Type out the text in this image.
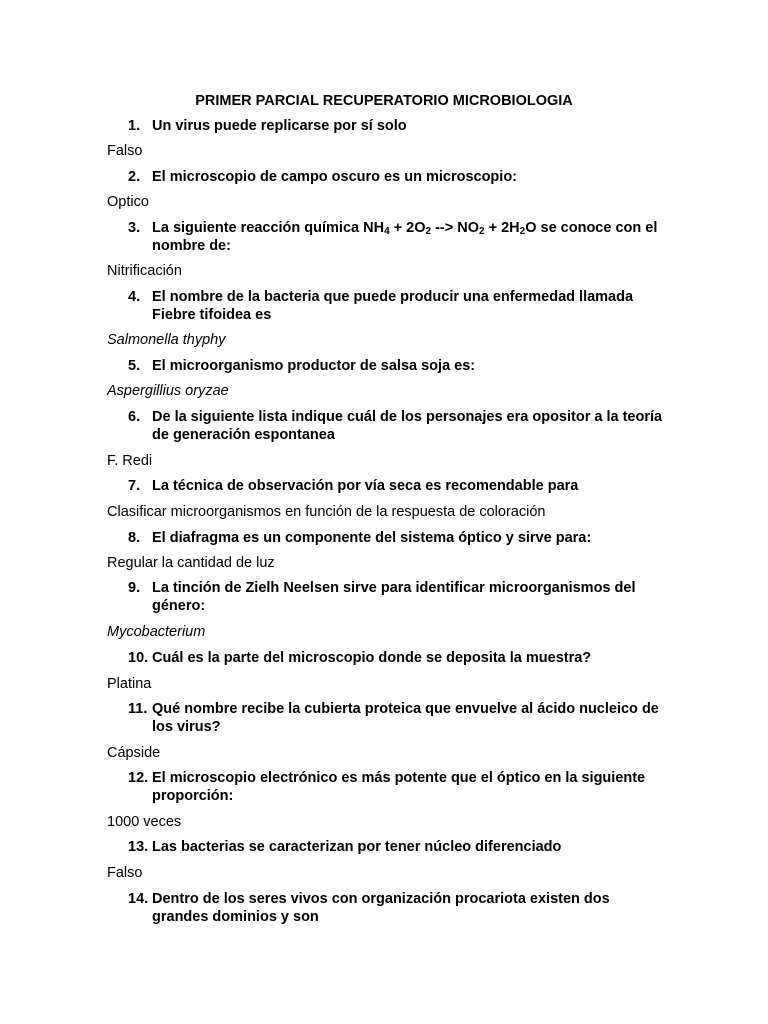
PRIMER PARCIAL RECUPERATORIO MICROBIOLOGIA
1. Un virus puede replicarse por sí solo
Falso
2. El microscopio de campo oscuro es un microscopio:
Optico
3. La siguiente reacción química $NH_4 + 2O_2$ --> $NO_2 + 2H_2O$ se conoce con el nombre de:
Nitrificación
4. El nombre de la bacteria que puede producir una enfermedad llamada Fiebre tifoidea es
Salmonella thyphy
5. El microorganismo productor de salsa soja es:
Aspergillius oryzae
6. De la siguiente lista indique cuál de los personajes era opositor a la teoría de generación espontanea
F. Redi
7. La técnica de observación por vía seca es recomendable para
Clasificar microorganismos en función de la respuesta de coloración
8. El diafragma es un componente del sistema óptico y sirve para:
Regular la cantidad de luz
9. La tinción de Zielh Neelsen sirve para identificar microorganismos del género:
Mycobacterium
10. Cuál es la parte del microscopio donde se deposita la muestra?
Platina
11. Qué nombre recibe la cubierta proteica que envuelve al ácido nucleico de los virus?
Cápside
12. El microscopio electrónico es más potente que el óptico en la siguiente proporción:
1000 veces
13. Las bacterias se caracterizan por tener núcleo diferenciado
Falso
14. Dentro de los seres vivos con organización procariota existen dos grandes dominios y son
